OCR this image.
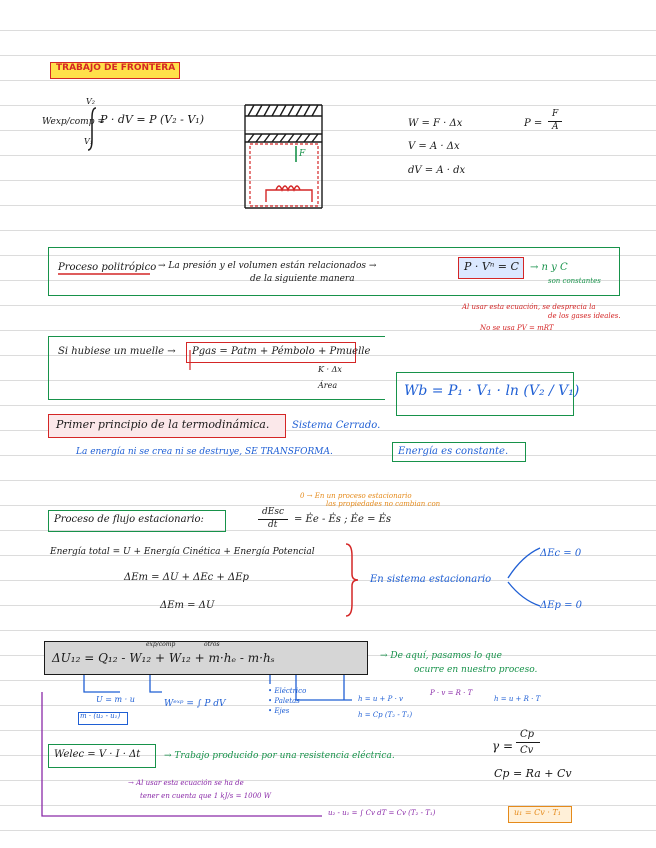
TRABAJO DE FRONTERA
Wexp/comp =
V₂
V₁
P · dV = P (V₂ - V₁)
F
W = F · Δx
V = A · Δx
dV = A · dx
P =
F
A
Proceso politrópico → La presión y el volumen están relacionados →
de la siguiente manera
P · Vⁿ = C → n y C
son constantes
Al usar esta ecuación, se desprecia la
de los gases ideales.
No se usa PV = mRT
Si hubiese un muelle → Pgas = Patm + Pémbolo + Pmuelle
K · Δx
Área	Wb = P₁ · V₁ · ln (V₂ / V₁)
Primer principio de la termodinámica. Sistema Cerrado.
La energía ni se crea ni se destruye, SE TRANSFORMA.	Energía es constante.
Proceso de flujo estacionario:
dEsc
dt = Ėe - Ės ; Ėe = Ės
0 → En un proceso estacionario
las propiedades no cambian con
Energía total = U + Energía Cinética + Energía Potencial
ΔEт = ΔU + ΔEc + ΔEp
ΔEт = ΔU
En sistema estacionario
ΔEc = 0
ΔEp = 0
exp/comp	otros
ΔU₁₂ = Q₁₂ - W₁₂ + W₁₂ + m·hₑ - m·hₛ	→ De aquí, pasamos lo que
ocurre en nuestro proceso.
U = m · u
m · (u₂ - u₁)
Wᵉˣᵖ = ∫ P dV
• Eléctrico
• Paletas
• Ejes
h = u + P · v
P · v = R · T
h = u + R · T
h = Cp (T₂ - T₁)
Welec = V · I · Δt	→ Trabajo producido por una resistencia eléctrica.
→ Al usar esta ecuación se ha de
tener en cuenta que 1 kJ/s = 1000 W
γ =
Cp
Cv
Cp = Ra + Cv
u₂ - u₁ = ∫ Cv dT = Cv (T₂ - T₁)	u₁ = Cv · T₁
